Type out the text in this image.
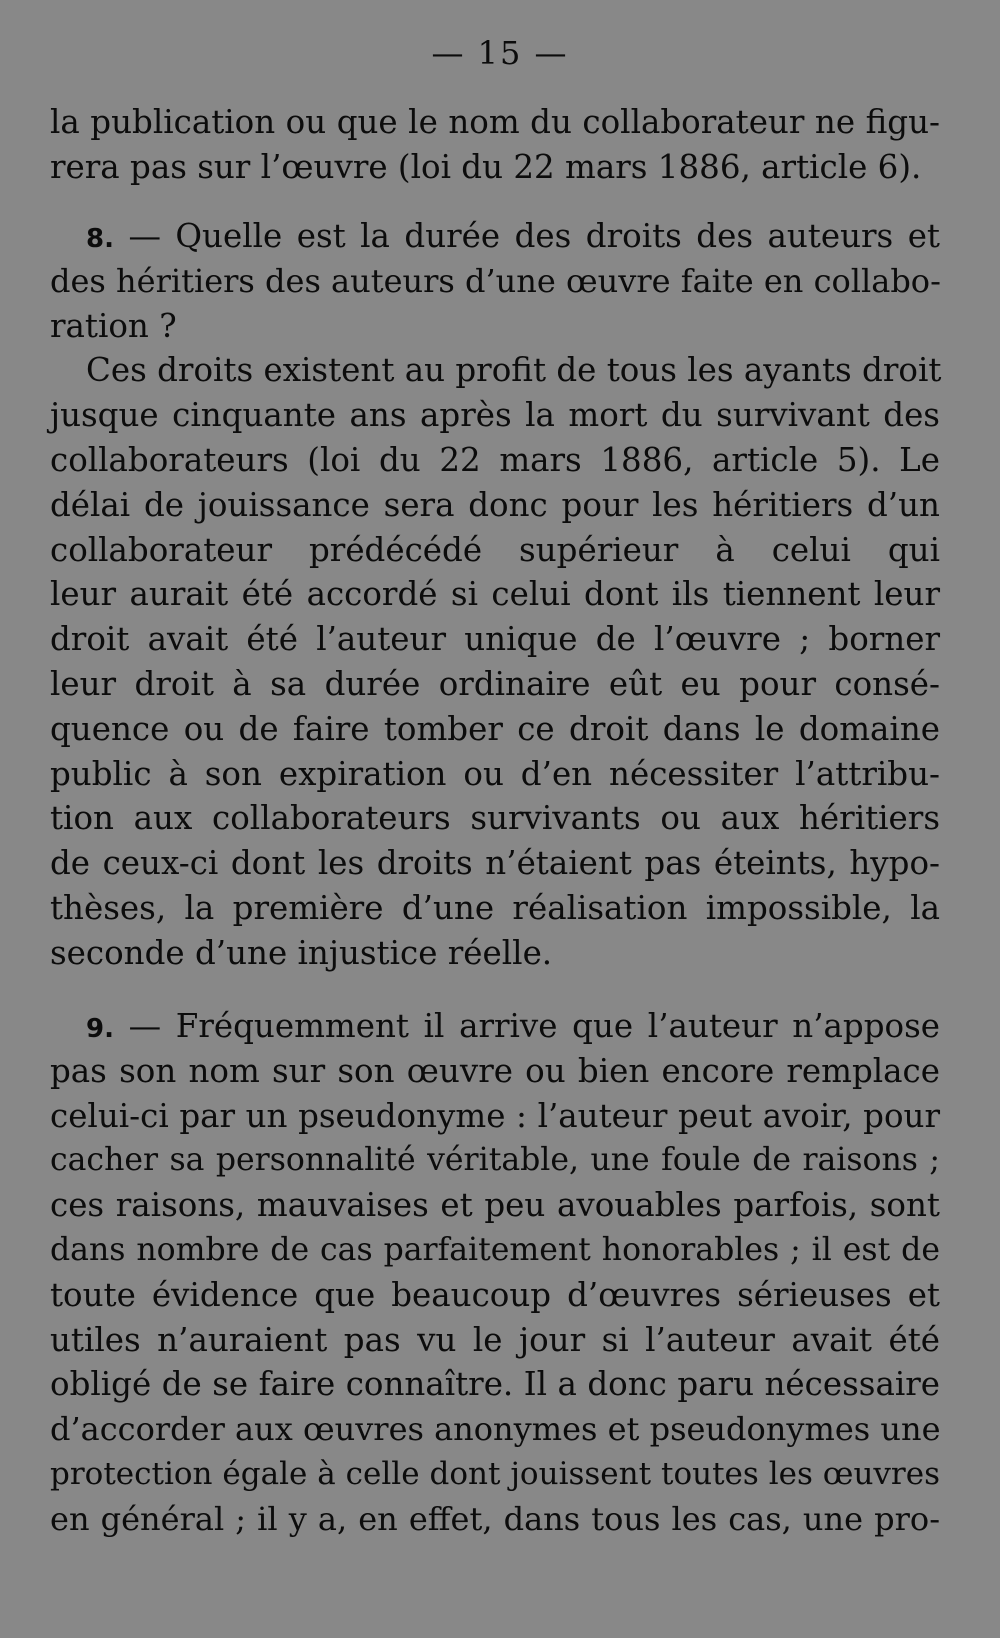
— 15 —
la publication ou que le nom du collaborateur ne figu-
rera pas sur l’œuvre (loi du 22 mars 1886, article 6).
8. — Quelle est la durée des droits des auteurs et
des héritiers des auteurs d’une œuvre faite en collabo-
ration ?
Ces droits existent au profit de tous les ayants droit
jusque cinquante ans après la mort du survivant des
collaborateurs (loi du 22 mars 1886, article 5). Le
délai de jouissance sera donc pour les héritiers d’un
collaborateur prédécédé supérieur à celui qui
leur aurait été accordé si celui dont ils tiennent leur
droit avait été l’auteur unique de l’œuvre ; borner
leur droit à sa durée ordinaire eût eu pour consé-
quence ou de faire tomber ce droit dans le domaine
public à son expiration ou d’en nécessiter l’attribu-
tion aux collaborateurs survivants ou aux héritiers
de ceux-ci dont les droits n’étaient pas éteints, hypo-
thèses, la première d’une réalisation impossible, la
seconde d’une injustice réelle.
9. — Fréquemment il arrive que l’auteur n’appose
pas son nom sur son œuvre ou bien encore remplace
celui-ci par un pseudonyme : l’auteur peut avoir, pour
cacher sa personnalité véritable, une foule de raisons ;
ces raisons, mauvaises et peu avouables parfois, sont
dans nombre de cas parfaitement honorables ; il est de
toute évidence que beaucoup d’œuvres sérieuses et
utiles n’auraient pas vu le jour si l’auteur avait été
obligé de se faire connaître. Il a donc paru nécessaire
d’accorder aux œuvres anonymes et pseudonymes une
protection égale à celle dont jouissent toutes les œuvres
en général ; il y a, en effet, dans tous les cas, une pro-
